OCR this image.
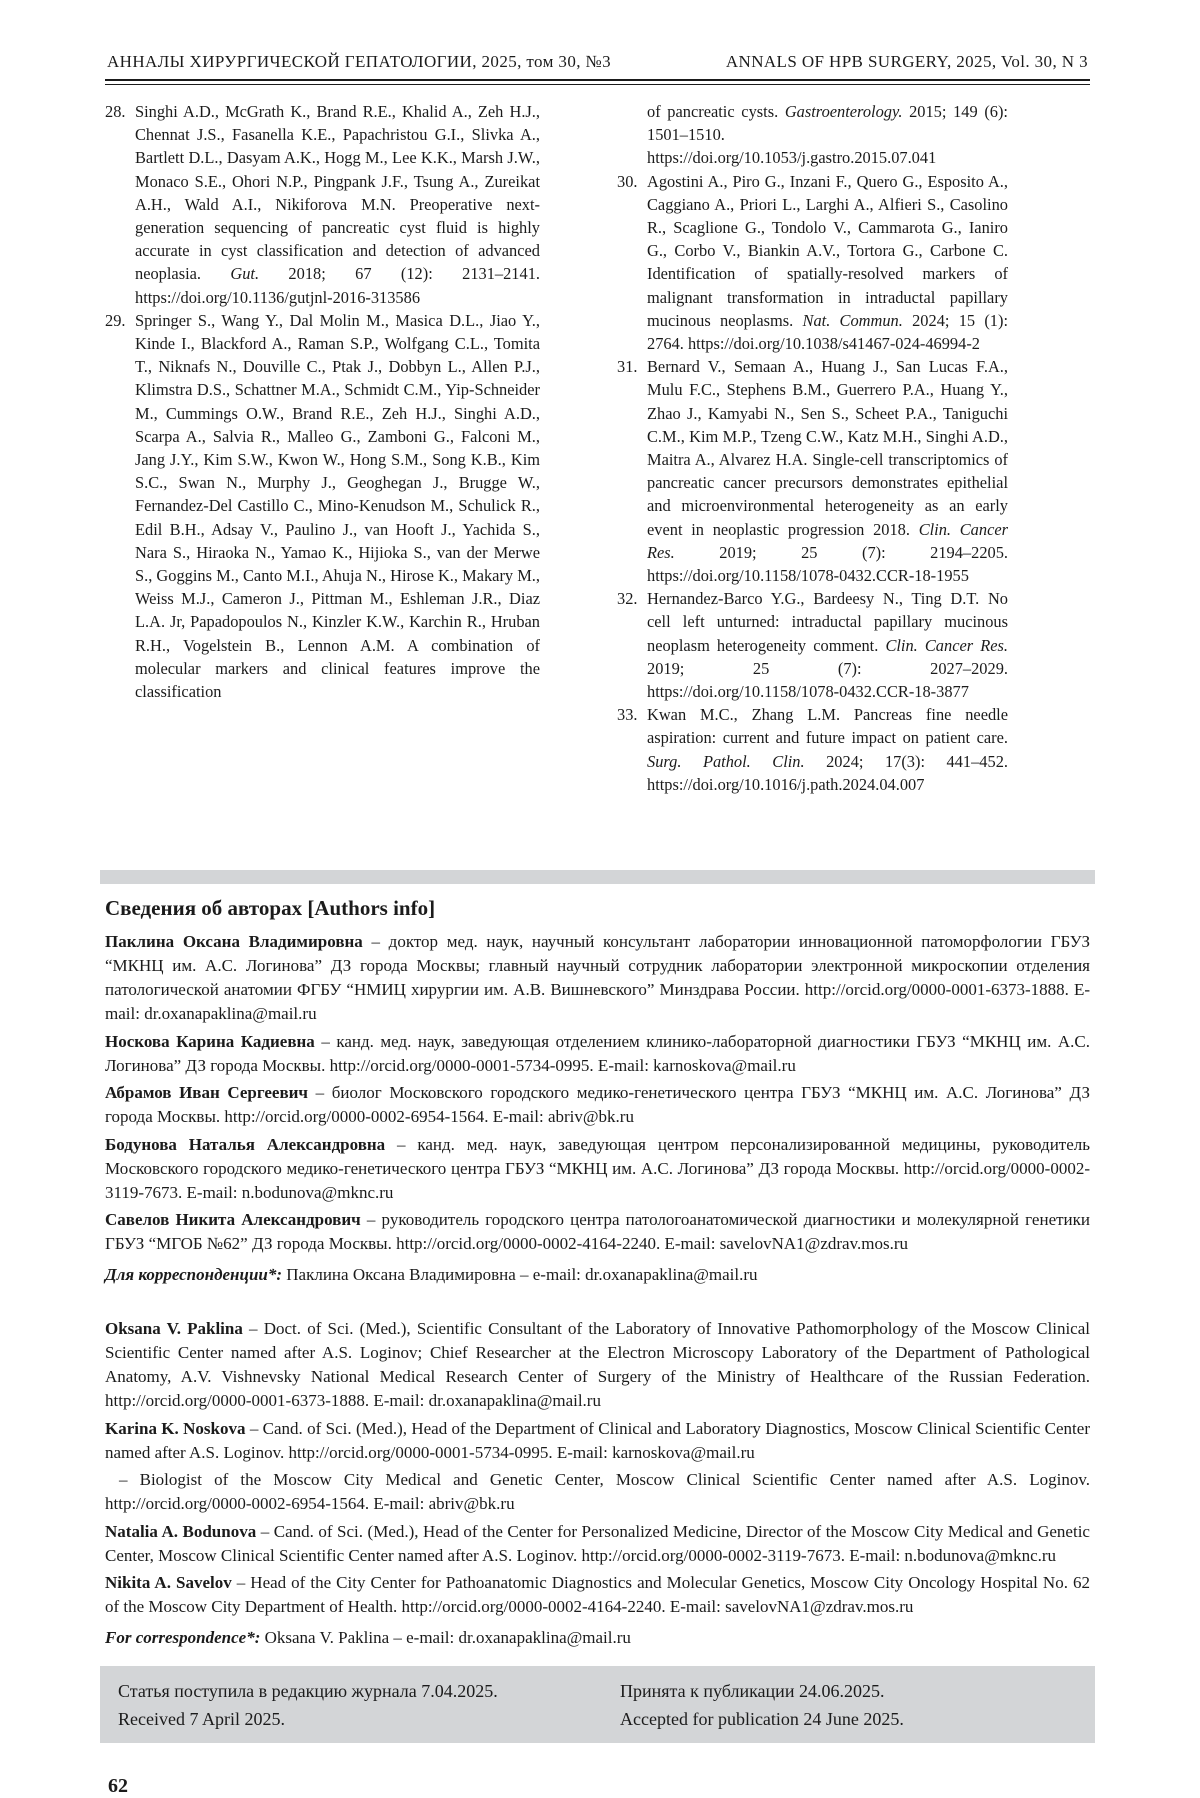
АННАЛЫ ХИРУРГИЧЕСКОЙ ГЕПАТОЛОГИИ, 2025, том 30, №3	ANNALS OF HPB SURGERY, 2025, Vol. 30, N 3
28. Singhi A.D., McGrath K., Brand R.E., Khalid A., Zeh H.J., Chennat J.S., Fasanella K.E., Papachristou G.I., Slivka A., Bartlett D.L., Dasyam A.K., Hogg M., Lee K.K., Marsh J.W., Monaco S.E., Ohori N.P., Pingpank J.F., Tsung A., Zureikat A.H., Wald A.I., Nikiforova M.N. Preoperative next-generation sequencing of pancreatic cyst fluid is highly accurate in cyst classification and detection of advanced neoplasia. Gut. 2018; 67 (12): 2131–2141. https://doi.org/10.1136/gutjnl-2016-313586
29. Springer S., Wang Y., Dal Molin M., Masica D.L., Jiao Y., Kinde I., Blackford A., Raman S.P., Wolfgang C.L., Tomita T., Niknafs N., Douville C., Ptak J., Dobbyn L., Allen P.J., Klimstra D.S., Schattner M.A., Schmidt C.M., Yip-Schneider M., Cummings O.W., Brand R.E., Zeh H.J., Singhi A.D., Scarpa A., Salvia R., Malleo G., Zamboni G., Falconi M., Jang J.Y., Kim S.W., Kwon W., Hong S.M., Song K.B., Kim S.C., Swan N., Murphy J., Geoghegan J., Brugge W., Fernandez-Del Castillo C., Mino-Kenudson M., Schulick R., Edil B.H., Adsay V., Paulino J., van Hooft J., Yachida S., Nara S., Hiraoka N., Yamao K., Hijioka S., van der Merwe S., Goggins M., Canto M.I., Ahuja N., Hirose K., Makary M., Weiss M.J., Cameron J., Pittman M., Eshleman J.R., Diaz L.A. Jr, Papadopoulos N., Kinzler K.W., Karchin R., Hruban R.H., Vogelstein B., Lennon A.M. A combination of molecular markers and clinical features improve the classification
of pancreatic cysts. Gastroenterology. 2015; 149 (6): 1501–1510. https://doi.org/10.1053/j.gastro.2015.07.041
30. Agostini A., Piro G., Inzani F., Quero G., Esposito A., Caggiano A., Priori L., Larghi A., Alfieri S., Casolino R., Scaglione G., Tondolo V., Cammarota G., Ianiro G., Corbo V., Biankin A.V., Tortora G., Carbone C. Identification of spatially-resolved markers of malignant transformation in intraductal papillary mucinous neoplasms. Nat. Commun. 2024; 15 (1): 2764. https://doi.org/10.1038/s41467-024-46994-2
31. Bernard V., Semaan A., Huang J., San Lucas F.A., Mulu F.C., Stephens B.M., Guerrero P.A., Huang Y., Zhao J., Kamyabi N., Sen S., Scheet P.A., Taniguchi C.M., Kim M.P., Tzeng C.W., Katz M.H., Singhi A.D., Maitra A., Alvarez H.A. Single-cell transcriptomics of pancreatic cancer precursors demonstrates epithelial and microenvironmental heterogeneity as an early event in neoplastic progression 2018. Clin. Cancer Res. 2019; 25 (7): 2194–2205. https://doi.org/10.1158/1078-0432.CCR-18-1955
32. Hernandez-Barco Y.G., Bardeesy N., Ting D.T. No cell left unturned: intraductal papillary mucinous neoplasm heterogeneity comment. Clin. Cancer Res. 2019; 25 (7): 2027–2029. https://doi.org/10.1158/1078-0432.CCR-18-3877
33. Kwan M.C., Zhang L.M. Pancreas fine needle aspiration: current and future impact on patient care. Surg. Pathol. Clin. 2024; 17(3): 441–452. https://doi.org/10.1016/j.path.2024.04.007
Сведения об авторах [Authors info]

Паклина Оксана Владимировна – доктор мед. наук, научный консультант лаборатории инновационной патоморфологии ГБУЗ “МКНЦ им. А.С. Логинова” ДЗ города Москвы; главный научный сотрудник лаборатории электронной микроскопии отделения патологической анатомии ФГБУ “НМИЦ хирургии им. А.В. Вишневского” Минздрава России. http://orcid.org/0000-0001-6373-1888. E-mail: dr.oxanapaklina@mail.ru

Носкова Карина Кадиевна – канд. мед. наук, заведующая отделением клинико-лабораторной диагностики ГБУЗ “МКНЦ им. А.С. Логинова” ДЗ города Москвы. http://orcid.org/0000-0001-5734-0995. E-mail: karnoskova@mail.ru

Абрамов Иван Сергеевич – биолог Московского городского медико-генетического центра ГБУЗ “МКНЦ им. А.С. Логинова” ДЗ города Москвы. http://orcid.org/0000-0002-6954-1564. E-mail: abriv@bk.ru

Бодунова Наталья Александровна – канд. мед. наук, заведующая центром персонализированной медицины, руководитель Московского городского медико-генетического центра ГБУЗ “МКНЦ им. А.С. Логинова” ДЗ города Москвы. http://orcid.org/0000-0002-3119-7673. E-mail: n.bodunova@mknc.ru

Савелов Никита Александрович – руководитель городского центра патологоанатомической диагностики и молекулярной генетики ГБУЗ “МГОБ №62” ДЗ города Москвы. http://orcid.org/0000-0002-4164-2240. E-mail: savelovNA1@zdrav.mos.ru

Для корреспонденции*: Паклина Оксана Владимировна – e-mail: dr.oxanapaklina@mail.ru

Oksana V. Paklina – Doct. of Sci. (Med.), Scientific Consultant of the Laboratory of Innovative Pathomorphology of the Moscow Clinical Scientific Center named after A.S. Loginov; Chief Researcher at the Electron Microscopy Laboratory of the Department of Pathological Anatomy, A.V. Vishnevsky National Medical Research Center of Surgery of the Ministry of Healthcare of the Russian Federation. http://orcid.org/0000-0001-6373-1888. E-mail: dr.oxanapaklina@mail.ru

Karina K. Noskova – Cand. of Sci. (Med.), Head of the Department of Clinical and Laboratory Diagnostics, Moscow Clinical Scientific Center named after A.S. Loginov. http://orcid.org/0000-0001-5734-0995. E-mail: karnoskova@mail.ru

– Biologist of the Moscow City Medical and Genetic Center, Moscow Clinical Scientific Center named after A.S. Loginov. http://orcid.org/0000-0002-6954-1564. E-mail: abriv@bk.ru

Natalia A. Bodunova – Cand. of Sci. (Med.), Head of the Center for Personalized Medicine, Director of the Moscow City Medical and Genetic Center, Moscow Clinical Scientific Center named after A.S. Loginov. http://orcid.org/0000-0002-3119-7673. E-mail: n.bodunova@mknc.ru

Nikita A. Savelov – Head of the City Center for Pathoanatomic Diagnostics and Molecular Genetics, Moscow City Oncology Hospital No. 62 of the Moscow City Department of Health. http://orcid.org/0000-0002-4164-2240. E-mail: savelovNA1@zdrav.mos.ru

For correspondence*: Oksana V. Paklina – e-mail: dr.oxanapaklina@mail.ru

Статья поступила в редакцию журнала 7.04.2025.
Received 7 April 2025.
Принята к публикации 24.06.2025.
Accepted for publication 24 June 2025.
62
